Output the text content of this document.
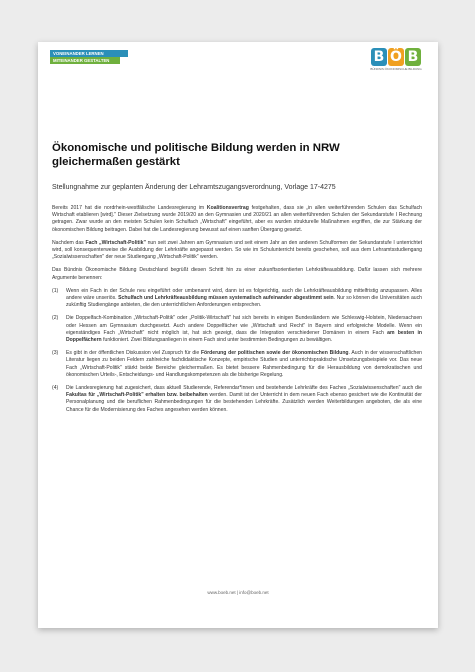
VONEINANDER LERNEN
MITEINANDER GESTALTEN	B Ö B
BÜNDNIS ÖKONOMISCHE BILDUNG
Ökonomische und politische Bildung werden in NRW gleichermaßen gestärkt

Stellungnahme zur geplanten Änderung der Lehramtszugangsverordnung, Vorlage 17-4275

Bereits 2017 hat die nordrhein-westfälische Landesregierung im Koalitionsvertrag festgehalten, dass sie „in allen weiterführenden Schulen das Schulfach Wirtschaft etablieren [wird]." Dieser Zielsetzung wurde 2019/20 an den Gymnasien und 2020/21 an allen weiterführenden Schulen der Sekundarstufe I Rechnung getragen. Zwar wurde an den meisten Schulen kein Schulfach „Wirtschaft" eingeführt, aber es wurden strukturelle Maßnahmen ergriffen, die zur Stärkung der ökonomischen Bildung beitragen. Dabei hat die Landesregierung bewusst auf einen sanften Übergang gesetzt.

Nachdem das Fach „Wirtschaft-Politik" nun seit zwei Jahren am Gymnasium und seit einem Jahr an den anderen Schulformen der Sekundarstufe I unterrichtet wird, soll konsequenterweise die Ausbildung der Lehrkräfte angepasst werden. So wie im Schulunterricht bereits geschehen, soll aus dem Lehramtsstudiengang „Sozialwissenschaften" der neue Studiengang „Wirtschaft-Politik" werden.

Das Bündnis Ökonomische Bildung Deutschland begrüßt diesen Schritt hin zu einer zukunftsorientierten Lehrkräfteausbildung. Dafür lassen sich mehrere Argumente benennen:

(1)	Wenn ein Fach in der Schule neu eingeführt oder umbenannt wird, dann ist es folgerichtig, auch die Lehrkräfteausbildung mittelfristig anzupassen. Alles andere wäre unseriös. Schulfach und Lehrkräfteausbildung müssen systematisch aufeinander abgestimmt sein. Nur so können die Universitäten auch zukünftig Studiengänge anbieten, die den unterrichtlichen Anforderungen entsprechen.
(2)	Die Doppelfach-Kombination „Wirtschaft-Politik" oder „Politik-Wirtschaft" hat sich bereits in einigen Bundesländern wie Schleswig-Holstein, Niedersachsen oder Hessen am Gymnasium durchgesetzt. Auch andere Doppelfächer wie „Wirtschaft und Recht" in Bayern sind erfolgreiche Modelle. Wenn ein eigenständiges Fach „Wirtschaft" nicht möglich ist, hat sich gezeigt, dass die Integration verschiedener Domänen in einem Fach am besten in Doppelfächern funktioniert. Zwei Bildungsanliegen in einem Fach sind unter bestimmten Bedingungen zu bewältigen.
(3)	Es gibt in der öffentlichen Diskussion viel Zuspruch für die Förderung der politischen sowie der ökonomischen Bildung. Auch in der wissenschaftlichen Literatur liegen zu beiden Feldern zahlreiche fachdidaktische Konzepte, empirische Studien und unterrichtspraktische Umsetzungsbeispiele vor. Das neue Fach „Wirtschaft-Politik" stärkt beide Bereiche gleichermaßen. Es bietet bessere Rahmenbedingung für die Herausbildung von demokratischen und ökonomischen Urteils-, Entscheidungs- und Handlungskompetenzen als die bisherige Regelung.
(4)	Die Landesregierung hat zugesichert, dass aktuell Studierende, Referendar*innen und bestehende Lehrkräfte des Faches „Sozialwissenschaften" auch die Fakultas für „Wirtschaft-Politik" erhalten bzw. beibehalten werden. Damit ist der Unterricht in dem neuen Fach ebenso gesichert wie die Kontinuität der Personalplanung und die beruflichen Rahmenbedingungen für die bestehenden Lehrkräfte. Zusätzlich werden Weiterbildungen angeboten, die als eine Chance für die Modernisierung des Faches angesehen werden können.
www.boeb.net | info@boeb.net
